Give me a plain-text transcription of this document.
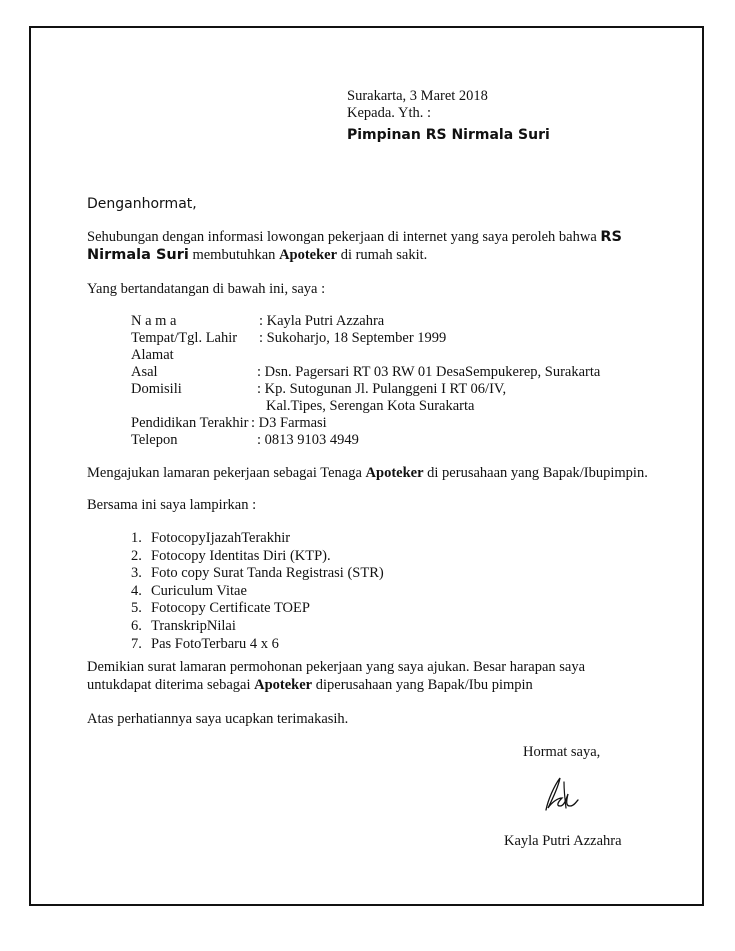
Surakarta, 3 Maret 2018
Kepada. Yth. :
Pimpinan RS Nirmala Suri
Denganhormat,
Sehubungan dengan informasi lowongan pekerjaan di internet yang saya peroleh bahwa RS
Nirmala Suri membutuhkan Apoteker di rumah sakit.
Yang bertandatangan di bawah ini, saya :
N a m a	: Kayla Putri Azzahra
Tempat/Tgl. Lahir : Sukoharjo, 18 September 1999
Alamat
Asal	: Dsn. Pagersari RT 03 RW 01 DesaSempukerep, Surakarta
Domisili	: Kp. Sutogunan Jl. Pulanggeni I RT 06/IV,
Kal.Tipes, Serengan Kota Surakarta
Pendidikan Terakhir : D3 Farmasi
Telepon	: 0813 9103 4949
Mengajukan lamaran pekerjaan sebagai Tenaga Apoteker di perusahaan yang Bapak/Ibupimpin.
Bersama ini saya lampirkan :
1. FotocopyIjazahTerakhir
2. Fotocopy Identitas Diri (KTP).
3. Foto copy Surat Tanda Registrasi (STR)
4. Curiculum Vitae
5. Fotocopy Certificate TOEP
6. TranskripNilai
7. Pas FotoTerbaru 4 x 6
Demikian surat lamaran permohonan pekerjaan yang saya ajukan. Besar harapan saya
untukdapat diterima sebagai Apoteker diperusahaan yang Bapak/Ibu pimpin
Atas perhatiannya saya ucapkan terimakasih.
Hormat saya,
Kayla Putri Azzahra
